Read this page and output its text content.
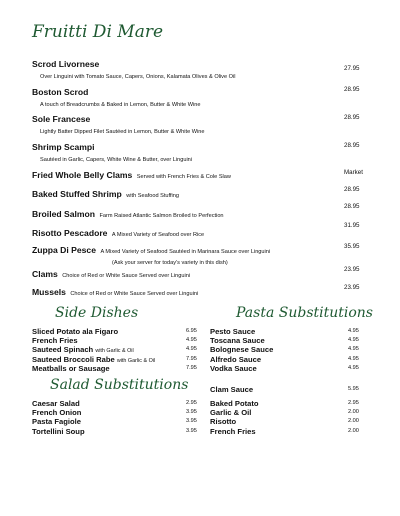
Fruitti Di Mare
Scrod Livornese
Over Linguini with Tomato Sauce, Capers, Onions, Kalamata Olives & Olive Oil
27.95
Boston Scrod
A touch of Breadcrumbs & Baked in Lemon, Butter & White Wine
28.95
Sole Francese
Lightly Batter Dipped Filet Sautéed in Lemon, Butter & White Wine
28.95
Shrimp Scampi
Sautéed in Garlic, Capers, White Wine & Butter, over Linguini
28.95
Fried Whole Belly Clams Served with French Fries & Cole Slaw
Market
Baked Stuffed Shrimp with Seafood Stuffing
28.95
Broiled Salmon Farm Raised Atlantic Salmon Broiled to Perfection
28.95
Risotto Pescadore A Mixed Variety of Seafood over Rice
31.95
Zuppa Di Pesce A Mixed Variety of Seafood Sautéed in Marinara Sauce over Linguini
(Ask your server for today's variety in this dish)
35.95
Clams Choice of Red or White Sauce Served over Linguini
23.95
Mussels Choice of Red or White Sauce Served over Linguini
23.95
Side Dishes
Sliced Potato ala Figaro	6.95
French Fries	4.95
Sauteed Spinach with Garlic & Oil	4.95
Sauteed Broccoli Rabe with Garlic & Oil	7.95
Meatballs or Sausage	7.95
Salad Substitutions
Caesar Salad	2.95
French Onion	3.95
Pasta Fagiole	3.95
Tortellini Soup	3.95
Pasta Substitutions
Pesto Sauce	4.95
Toscana Sauce	4.95
Bolognese Sauce	4.95
Alfredo Sauce	4.95
Vodka Sauce	4.95
Clam Sauce	5.95
Baked Potato	2.95
Garlic & Oil	2.00
Risotto	2.00
French Fries	2.00
